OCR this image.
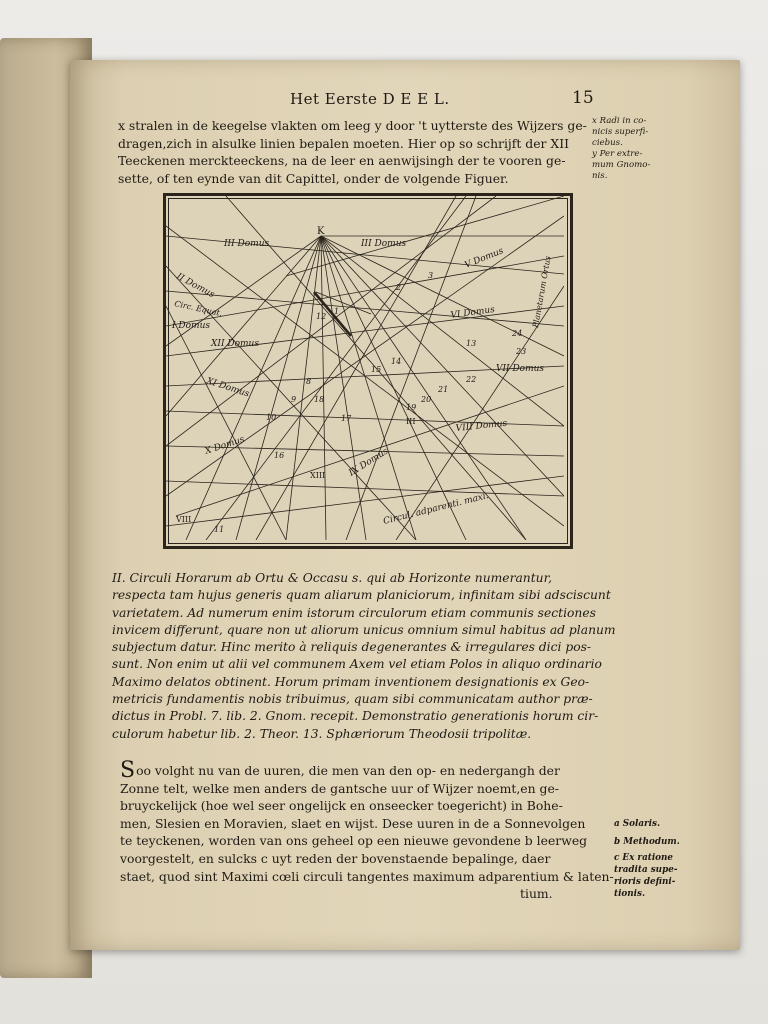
Het Eerste D E E L.	15
x stralen in de keegelse vlakten om leeg y door 't uytterste des Wijzers ge-
dragen,zich in alsulke linien bepalen moeten. Hier op so schrijft der XII
Teeckenen merckteeckens, na de leer en aenwijsingh der te vooren ge-
sette, of ten eynde van dit Capittel, onder de volgende Figuer.
x Radi in co-
nicis superfi-
ciebus.
y Per extre-
mum Gnomo-
nis.
K
III Domus	III Domus
II Domus
V Domus
I Domus
VI Domus
XII Domus
XI Domus
VII Domus
VIII Domus
X Domus
IX Domus
Circ. Equat.
Circul. adparenti. maxi.
Planetarum Ortus
12
1
2
3
24
23
22
14
15
16
17
18
13
21
20
19
III
XIII
VIII
8
9
10
11
II. Circuli Horarum ab Ortu & Occasu s. qui ab Horizonte numerantur,
respecta tam hujus generis quam aliarum planiciorum, infinitam sibi adsciscunt
varietatem. Ad numerum enim istorum circulorum etiam communis sectiones
invicem differunt, quare non ut aliorum unicus omnium simul habitus ad planum
subjectum datur. Hinc merito à reliquis degenerantes & irregulares dici pos-
sunt. Non enim ut alii vel communem Axem vel etiam Polos in aliquo ordinario
Maximo delatos obtinent. Horum primam inventionem designationis ex Geo-
metricis fundamentis nobis tribuimus, quam sibi communicatam author præ-
dictus in Probl. 7. lib. 2. Gnom. recepit. Demonstratio generationis horum cir-
culorum habetur lib. 2. Theor. 13. Sphæriorum Theodosii tripolitæ.
S oo volght nu van de uuren, die men van den op- en nedergangh der
Zonne telt, welke men anders de gantsche uur of Wijzer noemt,en ge-
bruyckelijck (hoe wel seer ongelijck en onseecker toegericht) in Bohe-
men, Slesien en Moravien, slaet en wijst. Dese uuren in de a Sonnevolgen
te teyckenen, worden van ons geheel op een nieuwe gevondene b leerweg
voorgestelt, en sulcks c uyt reden der bovenstaende bepalinge, daer
staet, quod sint Maximi cœli circuli tangentes maximum adparentium & laten-
tium.
a Solaris.
b Methodum.
c Ex ratione
tradita supe-
rioris defini-
tionis.
